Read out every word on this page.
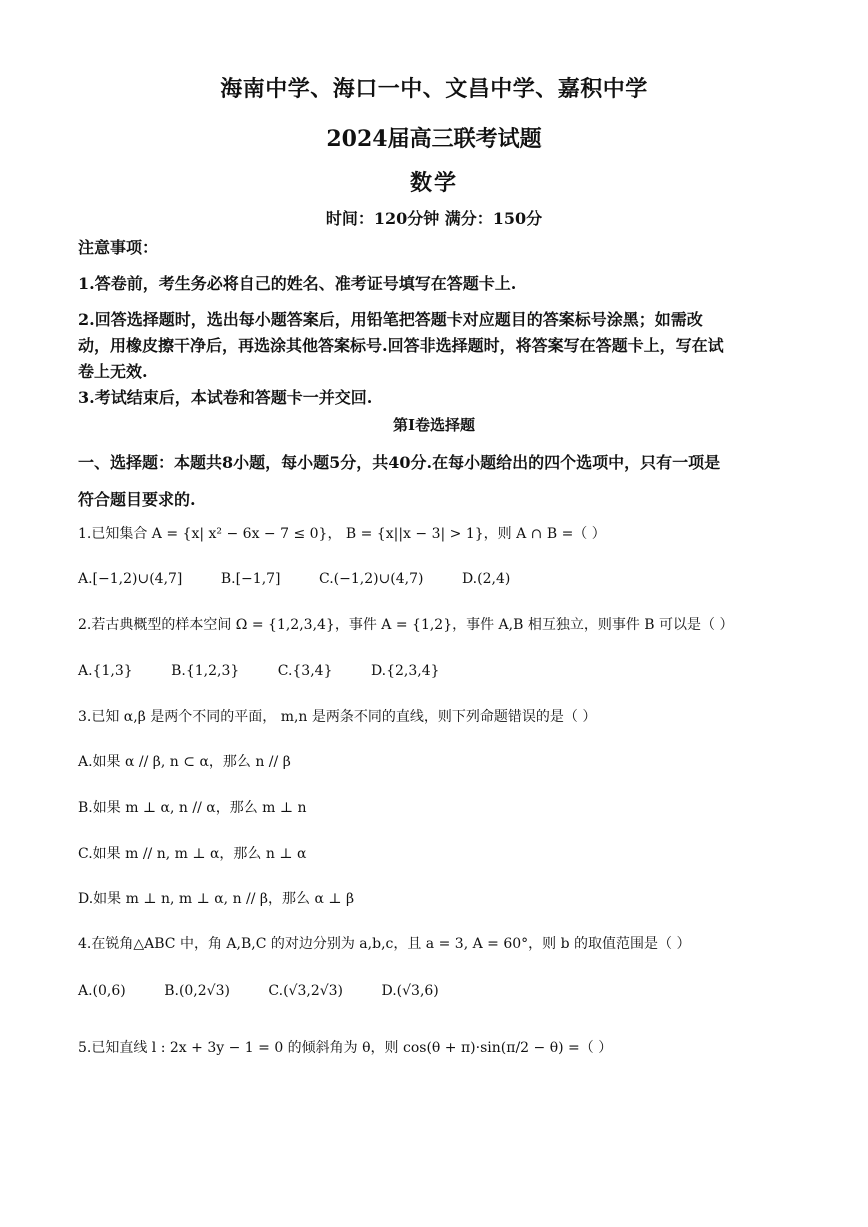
海南中学、海口一中、文昌中学、嘉积中学
2024届高三联考试题
数学
时间：120分钟 满分：150分
注意事项：
1.答卷前，考生务必将自己的姓名、准考证号填写在答题卡上.
2.回答选择题时，选出每小题答案后，用铅笔把答题卡对应题目的答案标号涂黑；如需改
动，用橡皮擦干净后，再选涂其他答案标号.回答非选择题时，将答案写在答题卡上，写在试
卷上无效.
3.考试结束后，本试卷和答题卡一并交回.
第I卷选择题
一、选择题：本题共8小题，每小题5分，共40分.在每小题给出的四个选项中，只有一项是
符合题目要求的.
1.已知集合 A = {x| x² − 6x − 7 ≤ 0}， B = {x||x − 3| > 1}，则 A ∩ B =（ ）
A.[−1,2)∪(4,7]	B.[−1,7]	C.(−1,2)∪(4,7)	D.(2,4)
2.若古典概型的样本空间 Ω = {1,2,3,4}，事件 A = {1,2}，事件 A,B 相互独立，则事件 B 可以是（ ）
A.{1,3}	B.{1,2,3}	C.{3,4}	D.{2,3,4}
3.已知 α,β 是两个不同的平面， m,n 是两条不同的直线，则下列命题错误的是（ ）
A.如果 α // β, n ⊂ α，那么 n // β
B.如果 m ⊥ α, n // α，那么 m ⊥ n
C.如果 m // n, m ⊥ α，那么 n ⊥ α
D.如果 m ⊥ n, m ⊥ α, n // β，那么 α ⊥ β
4.在锐角△ABC 中，角 A,B,C 的对边分别为 a,b,c，且 a = 3, A = 60°，则 b 的取值范围是（ ）
A.(0,6)	B.(0,2√3)	C.(√3,2√3)	D.(√3,6)
5.已知直线 l : 2x + 3y − 1 = 0 的倾斜角为 θ，则 cos(θ + π)·sin(π/2 − θ) =（ ）
